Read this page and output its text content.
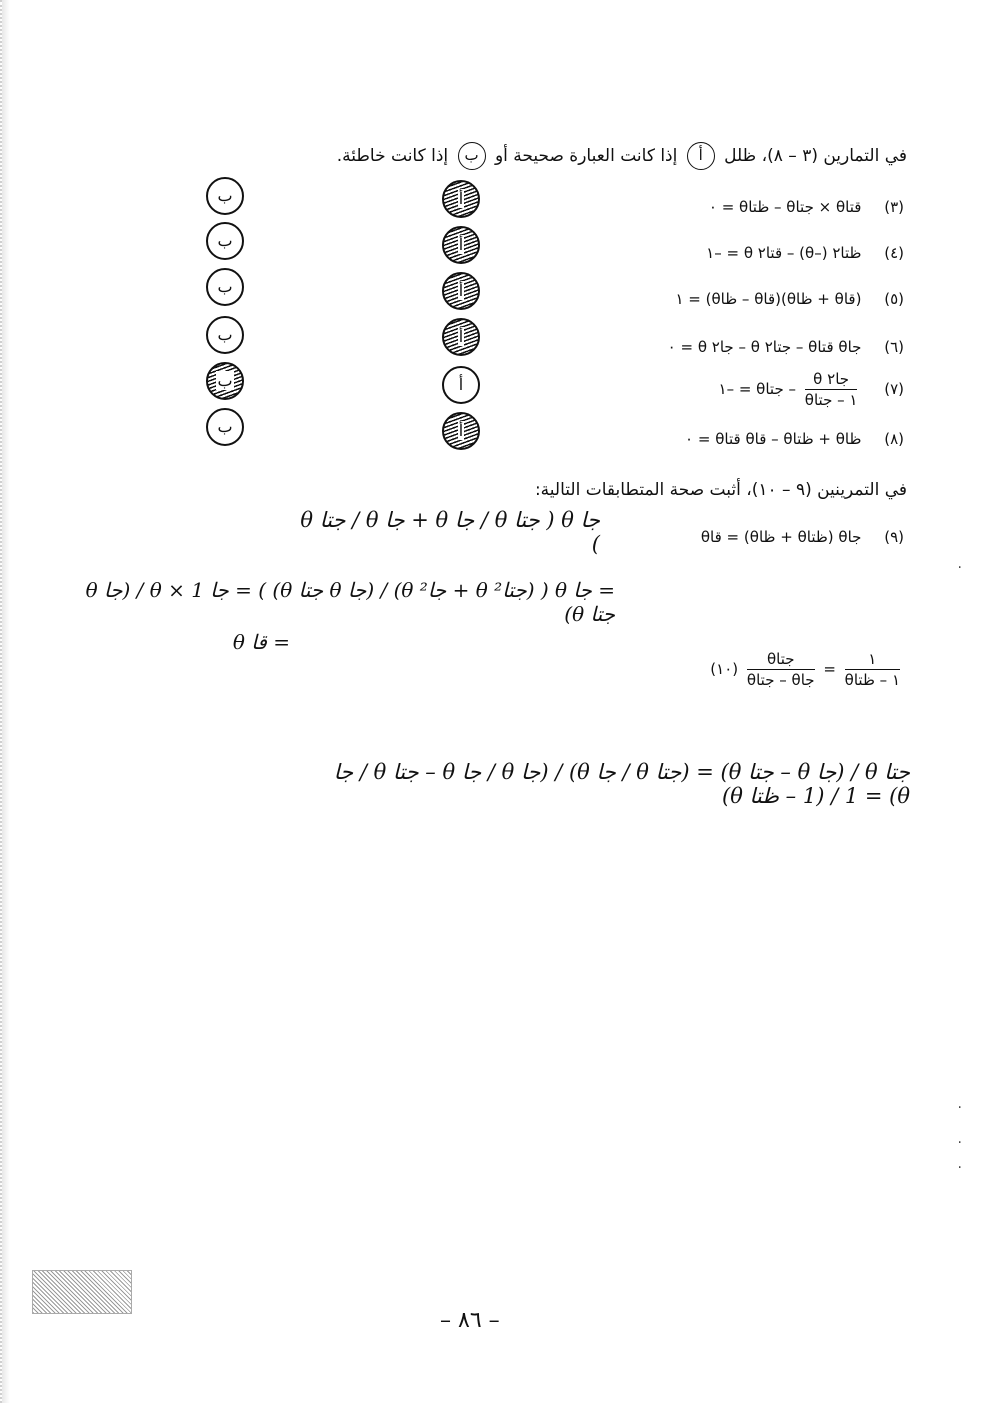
في التمارين (٣ – ٨)، ظلل أ إذا كانت العبارة صحيحة أو ب إذا كانت خاطئة.
(٣) قتاθ × جتاθ – ظتاθ = ٠
أ
ب
(٤) ظتا٢ (–θ) – قتا٢ θ = –١
أ
ب
(٥) (قاθ + ظاθ)(قاθ – ظاθ) = ١
أ
ب
(٦) جاθ قتاθ – جتا٢ θ – جا٢ θ = ٠
أ
ب
(٧)
$\frac{\text{جا٢ θ}}{\text{١ – جتاθ}}$
– جتاθ = –١
أ
ب
(٨) ظاθ + ظتاθ – قاθ قتاθ = ٠
أ
ب
في التمرينين (٩ – ١٠)، أثبت صحة المتطابقات التالية:
(٩) جاθ (ظتاθ + ظاθ) = قاθ
جا θ ( جتا θ / جا θ + جا θ / جتا θ )
= جا θ ( (جتا² θ + جا² θ) / (جا θ جتا θ) ) = جا θ × 1 / (جا θ جتا θ)
= قا θ
(١٠) $\frac{\text{جتاθ}}{\text{جاθ – جتاθ}} = \frac{١}{\text{١ – ظتاθ}}$
جتا θ / (جا θ – جتا θ) = (جتا θ / جا θ) / (جا θ / جا θ – جتا θ / جا θ) = 1 / (1 – ظتا θ)
– ٨٦ –
·
·
·
·
